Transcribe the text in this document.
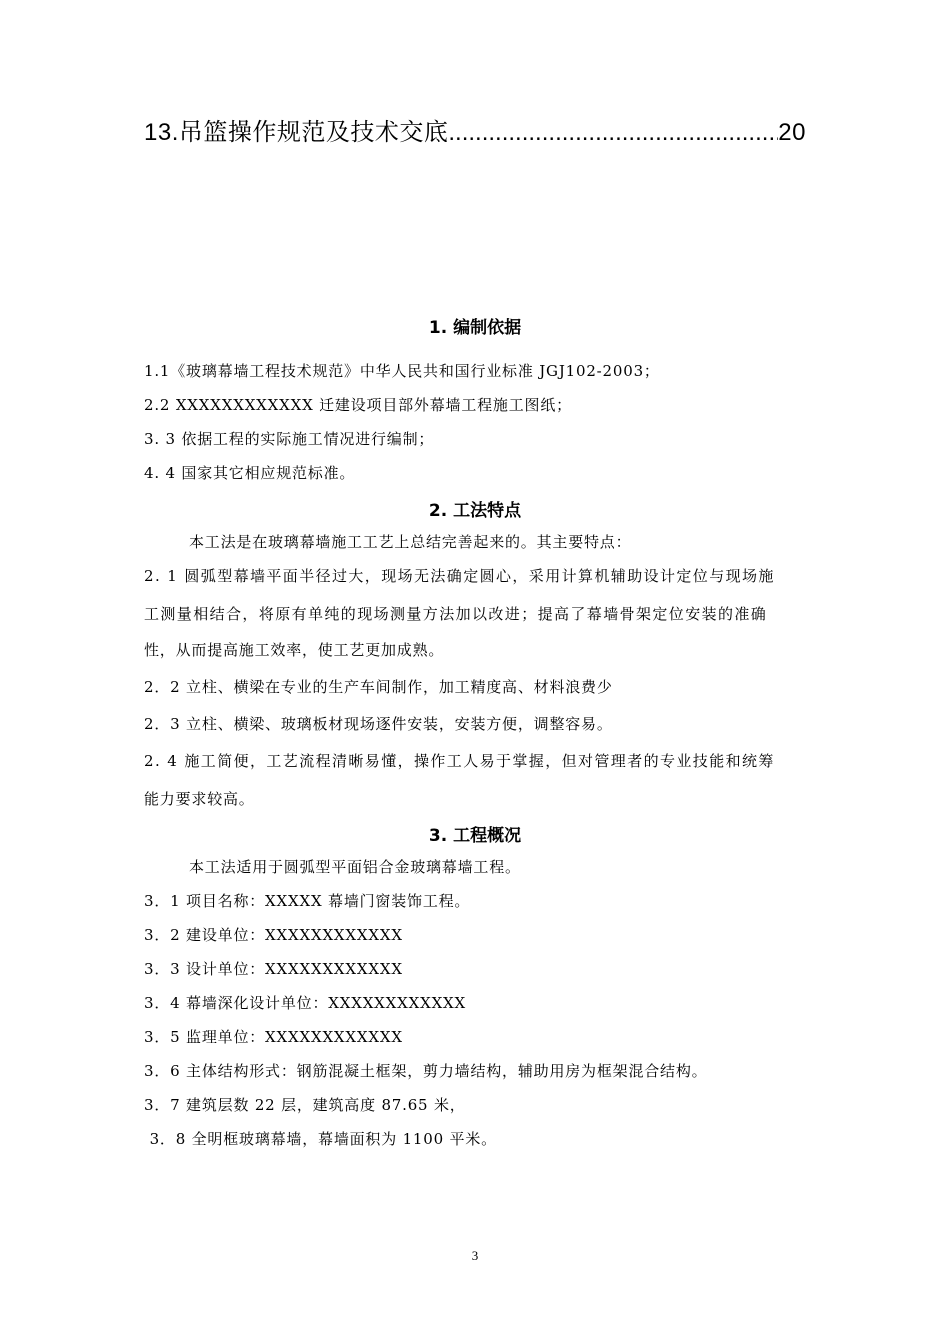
13.吊篮操作规范及技术交底
.....	20
1. 编制依据
1.1《玻璃幕墙工程技术规范》中华人民共和国行业标准 JGJ102-2003；
2.2 XXXXXXXXXXXX 迁建设项目部外幕墙工程施工图纸；
3. 3 依据工程的实际施工情况进行编制；
4. 4 国家其它相应规范标准。
2. 工法特点
本工法是在玻璃幕墙施工工艺上总结完善起来的。其主要特点：
2. 1 圆弧型幕墙平面半径过大，现场无法确定圆心，采用计算机辅助设计定位与现场施
工测量相结合，将原有单纯的现场测量方法加以改进；提高了幕墙骨架定位安装的准确
性，从而提高施工效率，使工艺更加成熟。
2．2 立柱、横梁在专业的生产车间制作，加工精度高、材料浪费少
2．3 立柱、横梁、玻璃板材现场逐件安装，安装方便，调整容易。
2. 4 施工简便，工艺流程清晰易懂，操作工人易于掌握，但对管理者的专业技能和统筹
能力要求较高。
3. 工程概况
本工法适用于圆弧型平面铝合金玻璃幕墙工程。
3．1 项目名称：XXXXX 幕墙门窗装饰工程。
3．2 建设单位：XXXXXXXXXXXX
3．3 设计单位：XXXXXXXXXXXX
3．4 幕墙深化设计单位：XXXXXXXXXXXX
3．5 监理单位：XXXXXXXXXXXX
3．6 主体结构形式：钢筋混凝土框架，剪力墙结构，辅助用房为框架混合结构。
3．7 建筑层数 22 层，建筑高度 87.65 米，
3．8 全明框玻璃幕墙，幕墙面积为 1100 平米。
3
